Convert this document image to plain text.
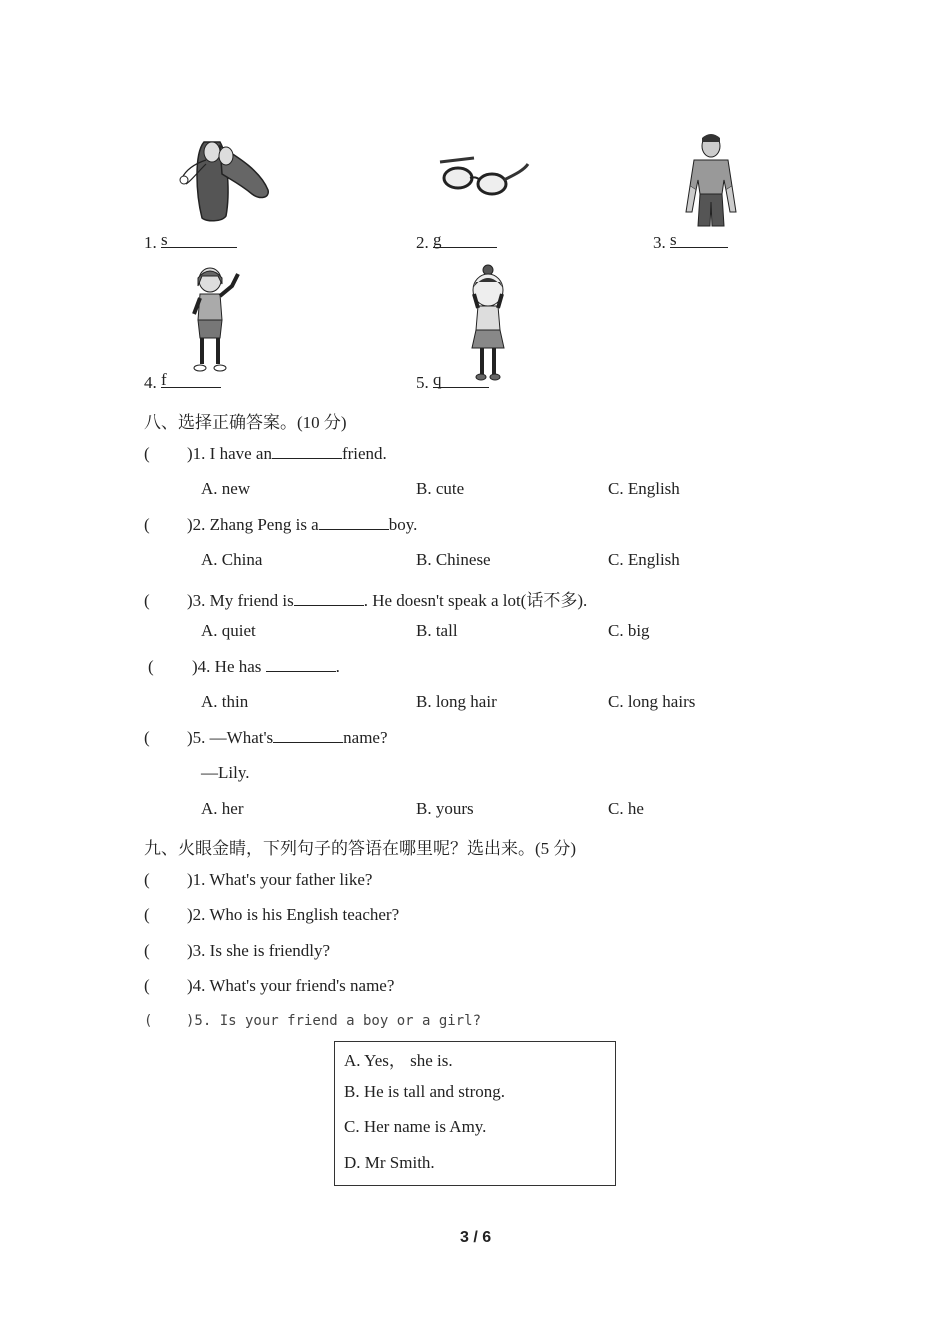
1. s	2. g	3. s
4. f	5. q
八、选择正确答案。(10 分)
( )1. I have an	friend.
A. new	B. cute	C. English
( )2. Zhang Peng is a	boy.
A. China	B. Chinese	C. English
( )3. My friend is	. He doesn't speak a lot(话不多).
A. quiet	B. tall	C. big
( )4. He has	.
A. thin	B. long hair	C. long hairs
( )5. —What's	name?
—Lily.
A. her	B. yours	C. he
九、火眼金睛，下列句子的答语在哪里呢？选出来。(5 分)
( )1. What's your father like?
( )2. Who is his English teacher?
( )3. Is she is friendly?
( )4. What's your friend's name?
( )5. Is your friend a boy or a girl?
A. Yes， she is.
B. He is tall and strong.
C. Her name is Amy.
D. Mr Smith.
3 / 6
